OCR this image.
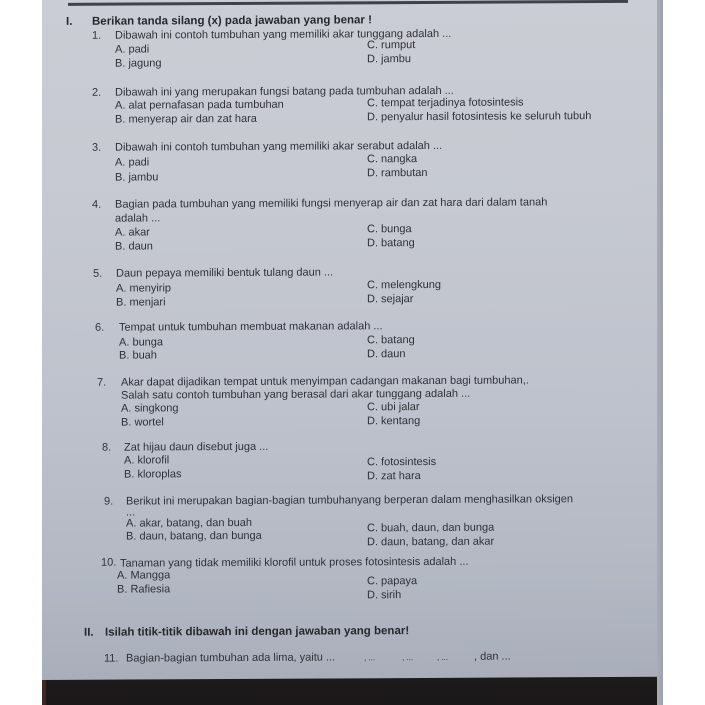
I. Berikan tanda silang (x) pada jawaban yang benar !
1. Dibawah ini contoh tumbuhan yang memiliki akar tunggang adalah ...
A. padi
B. jagung
C. rumput
D. jambu
2. Dibawah ini yang merupakan fungsi batang pada tumbuhan adalah ...
A. alat pernafasan pada tumbuhan
B. menyerap air dan zat hara
C. tempat terjadinya fotosintesis
D. penyalur hasil fotosintesis ke seluruh tubuh
3. Dibawah ini contoh tumbuhan yang memiliki akar serabut adalah ...
A. padi
B. jambu
C. nangka
D. rambutan
4. Bagian pada tumbuhan yang memiliki fungsi menyerap air dan zat hara dari dalam tanah
adalah ...
A. akar
B. daun
C. bunga
D. batang
5. Daun pepaya memiliki bentuk tulang daun ...
A. menyirip
B. menjari
C. melengkung
D. sejajar
6. Tempat untuk tumbuhan membuat makanan adalah ...
A. bunga
B. buah
C. batang
D. daun
7. Akar dapat dijadikan tempat untuk menyimpan cadangan makanan bagi tumbuhan,.
Salah satu contoh tumbuhan yang berasal dari akar tunggang adalah ...
A. singkong
B. wortel
C. ubi jalar
D. kentang
8. Zat hijau daun disebut juga ...
A. klorofil
B. kloroplas
C. fotosintesis
D. zat hara
9. Berikut ini merupakan bagian-bagian tumbuhanyang berperan dalam menghasilkan oksigen
...
A. akar, batang, dan buah
B. daun, batang, dan bunga
C. buah, daun, dan bunga
D. daun, batang, dan akar
10. Tanaman yang tidak memiliki klorofil untuk proses fotosintesis adalah ...
A. Mangga
B. Rafiesia
C. papaya
D. sirih
II. Isilah titik-titik dibawah ini dengan jawaban yang benar!
11. Bagian-bagian tumbuhan ada lima, yaitu ...	, ...	, ...	, ... , dan ...
